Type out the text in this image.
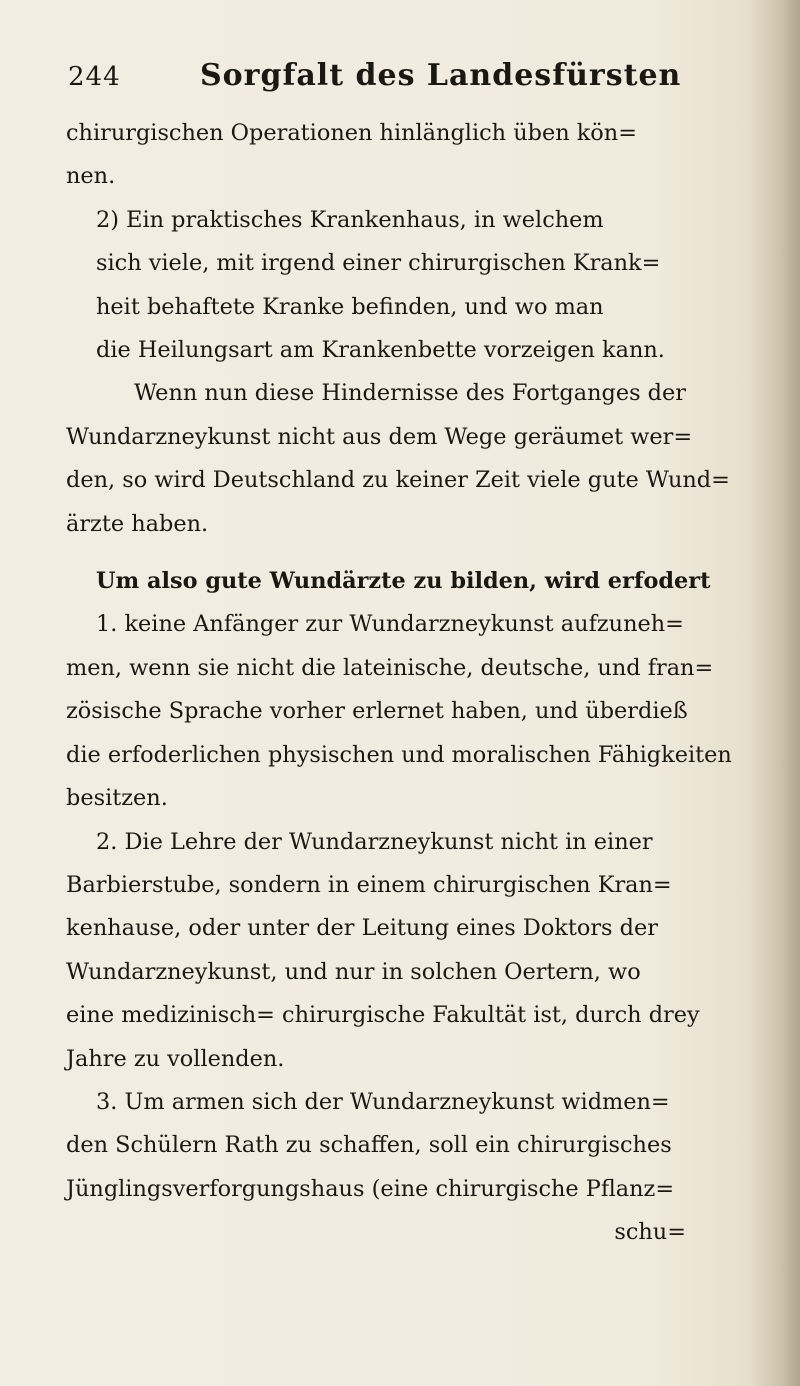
244	Sorgfalt des Landesfürsten
chirurgischen Operationen hinlänglich üben kön=
nen.
2) Ein praktisches Krankenhaus, in welchem
sich viele, mit irgend einer chirurgischen Krank=
heit behaftete Kranke befinden, und wo man
die Heilungsart am Krankenbette vorzeigen kann.
Wenn nun diese Hindernisse des Fortganges der
Wundarzneykunst nicht aus dem Wege geräumet wer=
den, so wird Deutschland zu keiner Zeit viele gute Wund=
ärzte haben.
Um also gute Wundärzte zu bilden, wird erfodert
1. keine Anfänger zur Wundarzneykunst aufzuneh=
men, wenn sie nicht die lateinische, deutsche, und fran=
zösische Sprache vorher erlernet haben, und überdieß
die erfoderlichen physischen und moralischen Fähigkeiten
besitzen.
2. Die Lehre der Wundarzneykunst nicht in einer
Barbierstube, sondern in einem chirurgischen Kran=
kenhause, oder unter der Leitung eines Doktors der
Wundarzneykunst, und nur in solchen Oertern, wo
eine medizinisch= chirurgische Fakultät ist, durch drey
Jahre zu vollenden.
3. Um armen sich der Wundarzneykunst widmen=
den Schülern Rath zu schaffen, soll ein chirurgisches
Jünglingsverforgungshaus (eine chirurgische Pflanz=
schu=
